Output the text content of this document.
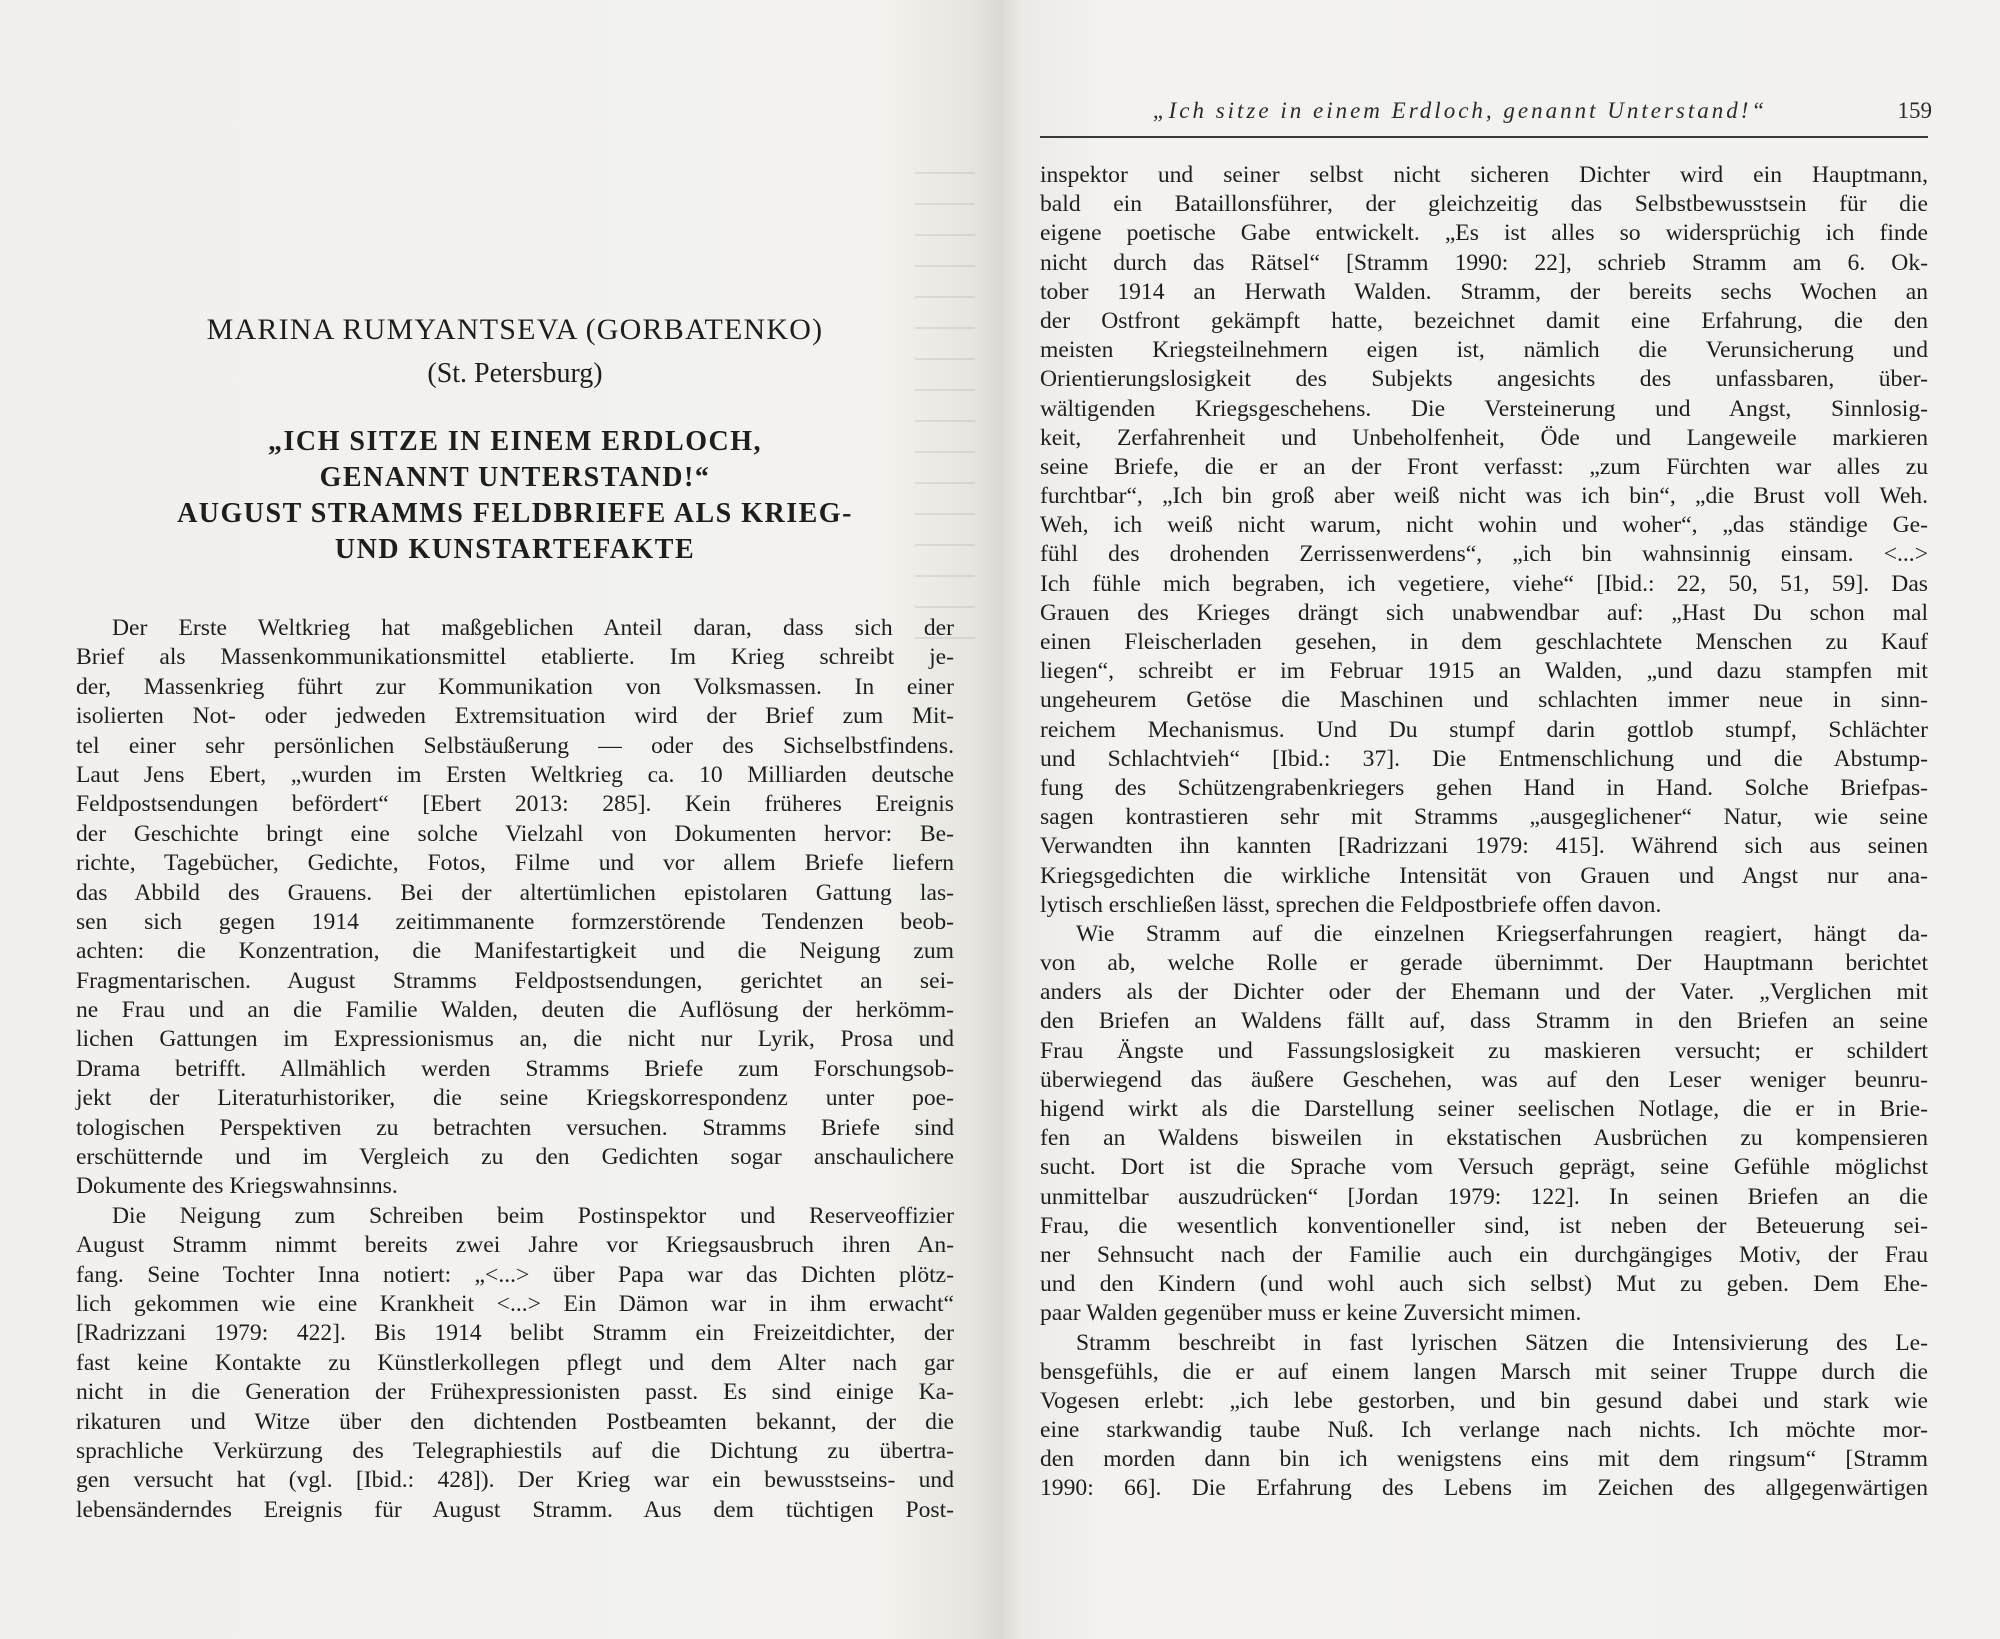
MARINA RUMYANTSEVA (GORBATENKO)
(St. Petersburg)
„ICH SITZE IN EINEM ERDLOCH,
GENANNT UNTERSTAND!“
AUGUST STRAMMS FELDBRIEFE ALS KRIEG-
UND KUNSTARTEFAKTE
Der Erste Weltkrieg hat maßgeblichen Anteil daran, dass sich der
Brief als Massenkommunikationsmittel etablierte. Im Krieg schreibt je-
der, Massenkrieg führt zur Kommunikation von Volksmassen. In einer
isolierten Not- oder jedweden Extremsituation wird der Brief zum Mit-
tel einer sehr persönlichen Selbstäußerung — oder des Sichselbstfindens.
Laut Jens Ebert, „wurden im Ersten Weltkrieg ca. 10 Milliarden deutsche
Feldpostsendungen befördert“ [Ebert 2013: 285]. Kein früheres Ereignis
der Geschichte bringt eine solche Vielzahl von Dokumenten hervor: Be-
richte, Tagebücher, Gedichte, Fotos, Filme und vor allem Briefe liefern
das Abbild des Grauens. Bei der altertümlichen epistolaren Gattung las-
sen sich gegen 1914 zeitimmanente formzerstörende Tendenzen beob-
achten: die Konzentration, die Manifestartigkeit und die Neigung zum
Fragmentarischen. August Stramms Feldpostsendungen, gerichtet an sei-
ne Frau und an die Familie Walden, deuten die Auflösung der herkömm-
lichen Gattungen im Expressionismus an, die nicht nur Lyrik, Prosa und
Drama betrifft. Allmählich werden Stramms Briefe zum Forschungsob-
jekt der Literaturhistoriker, die seine Kriegskorrespondenz unter poe-
tologischen Perspektiven zu betrachten versuchen. Stramms Briefe sind
erschütternde und im Vergleich zu den Gedichten sogar anschaulichere
Dokumente des Kriegswahnsinns.
Die Neigung zum Schreiben beim Postinspektor und Reserveoffizier
August Stramm nimmt bereits zwei Jahre vor Kriegsausbruch ihren An-
fang. Seine Tochter Inna notiert: „<...> über Papa war das Dichten plötz-
lich gekommen wie eine Krankheit <...> Ein Dämon war in ihm erwacht“
[Radrizzani 1979: 422]. Bis 1914 belibt Stramm ein Freizeitdichter, der
fast keine Kontakte zu Künstlerkollegen pflegt und dem Alter nach gar
nicht in die Generation der Frühexpressionisten passt. Es sind einige Ka-
rikaturen und Witze über den dichtenden Postbeamten bekannt, der die
sprachliche Verkürzung des Telegraphiestils auf die Dichtung zu übertra-
gen versucht hat (vgl. [Ibid.: 428]). Der Krieg war ein bewusstseins- und
lebensänderndes Ereignis für August Stramm. Aus dem tüchtigen Post-
„Ich sitze in einem Erdloch, genannt Unterstand!“	159
inspektor und seiner selbst nicht sicheren Dichter wird ein Hauptmann,
bald ein Bataillonsführer, der gleichzeitig das Selbstbewusstsein für die
eigene poetische Gabe entwickelt. „Es ist alles so widersprüchig ich finde
nicht durch das Rätsel“ [Stramm 1990: 22], schrieb Stramm am 6. Ok-
tober 1914 an Herwath Walden. Stramm, der bereits sechs Wochen an
der Ostfront gekämpft hatte, bezeichnet damit eine Erfahrung, die den
meisten Kriegsteilnehmern eigen ist, nämlich die Verunsicherung und
Orientierungslosigkeit des Subjekts angesichts des unfassbaren, über-
wältigenden Kriegsgeschehens. Die Versteinerung und Angst, Sinnlosig-
keit, Zerfahrenheit und Unbeholfenheit, Öde und Langeweile markieren
seine Briefe, die er an der Front verfasst: „zum Fürchten war alles zu
furchtbar“, „Ich bin groß aber weiß nicht was ich bin“, „die Brust voll Weh.
Weh, ich weiß nicht warum, nicht wohin und woher“, „das ständige Ge-
fühl des drohenden Zerrissenwerdens“, „ich bin wahnsinnig einsam. <...>
Ich fühle mich begraben, ich vegetiere, viehe“ [Ibid.: 22, 50, 51, 59]. Das
Grauen des Krieges drängt sich unabwendbar auf: „Hast Du schon mal
einen Fleischerladen gesehen, in dem geschlachtete Menschen zu Kauf
liegen“, schreibt er im Februar 1915 an Walden, „und dazu stampfen mit
ungeheurem Getöse die Maschinen und schlachten immer neue in sinn-
reichem Mechanismus. Und Du stumpf darin gottlob stumpf, Schlächter
und Schlachtvieh“ [Ibid.: 37]. Die Entmenschlichung und die Abstump-
fung des Schützengrabenkriegers gehen Hand in Hand. Solche Briefpas-
sagen kontrastieren sehr mit Stramms „ausgeglichener“ Natur, wie seine
Verwandten ihn kannten [Radrizzani 1979: 415]. Während sich aus seinen
Kriegsgedichten die wirkliche Intensität von Grauen und Angst nur ana-
lytisch erschließen lässt, sprechen die Feldpostbriefe offen davon.
Wie Stramm auf die einzelnen Kriegserfahrungen reagiert, hängt da-
von ab, welche Rolle er gerade übernimmt. Der Hauptmann berichtet
anders als der Dichter oder der Ehemann und der Vater. „Verglichen mit
den Briefen an Waldens fällt auf, dass Stramm in den Briefen an seine
Frau Ängste und Fassungslosigkeit zu maskieren versucht; er schildert
überwiegend das äußere Geschehen, was auf den Leser weniger beunru-
higend wirkt als die Darstellung seiner seelischen Notlage, die er in Brie-
fen an Waldens bisweilen in ekstatischen Ausbrüchen zu kompensieren
sucht. Dort ist die Sprache vom Versuch geprägt, seine Gefühle möglichst
unmittelbar auszudrücken“ [Jordan 1979: 122]. In seinen Briefen an die
Frau, die wesentlich konventioneller sind, ist neben der Beteuerung sei-
ner Sehnsucht nach der Familie auch ein durchgängiges Motiv, der Frau
und den Kindern (und wohl auch sich selbst) Mut zu geben. Dem Ehe-
paar Walden gegenüber muss er keine Zuversicht mimen.
Stramm beschreibt in fast lyrischen Sätzen die Intensivierung des Le-
bensgefühls, die er auf einem langen Marsch mit seiner Truppe durch die
Vogesen erlebt: „ich lebe gestorben, und bin gesund dabei und stark wie
eine starkwandig taube Nuß. Ich verlange nach nichts. Ich möchte mor-
den morden dann bin ich wenigstens eins mit dem ringsum“ [Stramm
1990: 66]. Die Erfahrung des Lebens im Zeichen des allgegenwärtigen
